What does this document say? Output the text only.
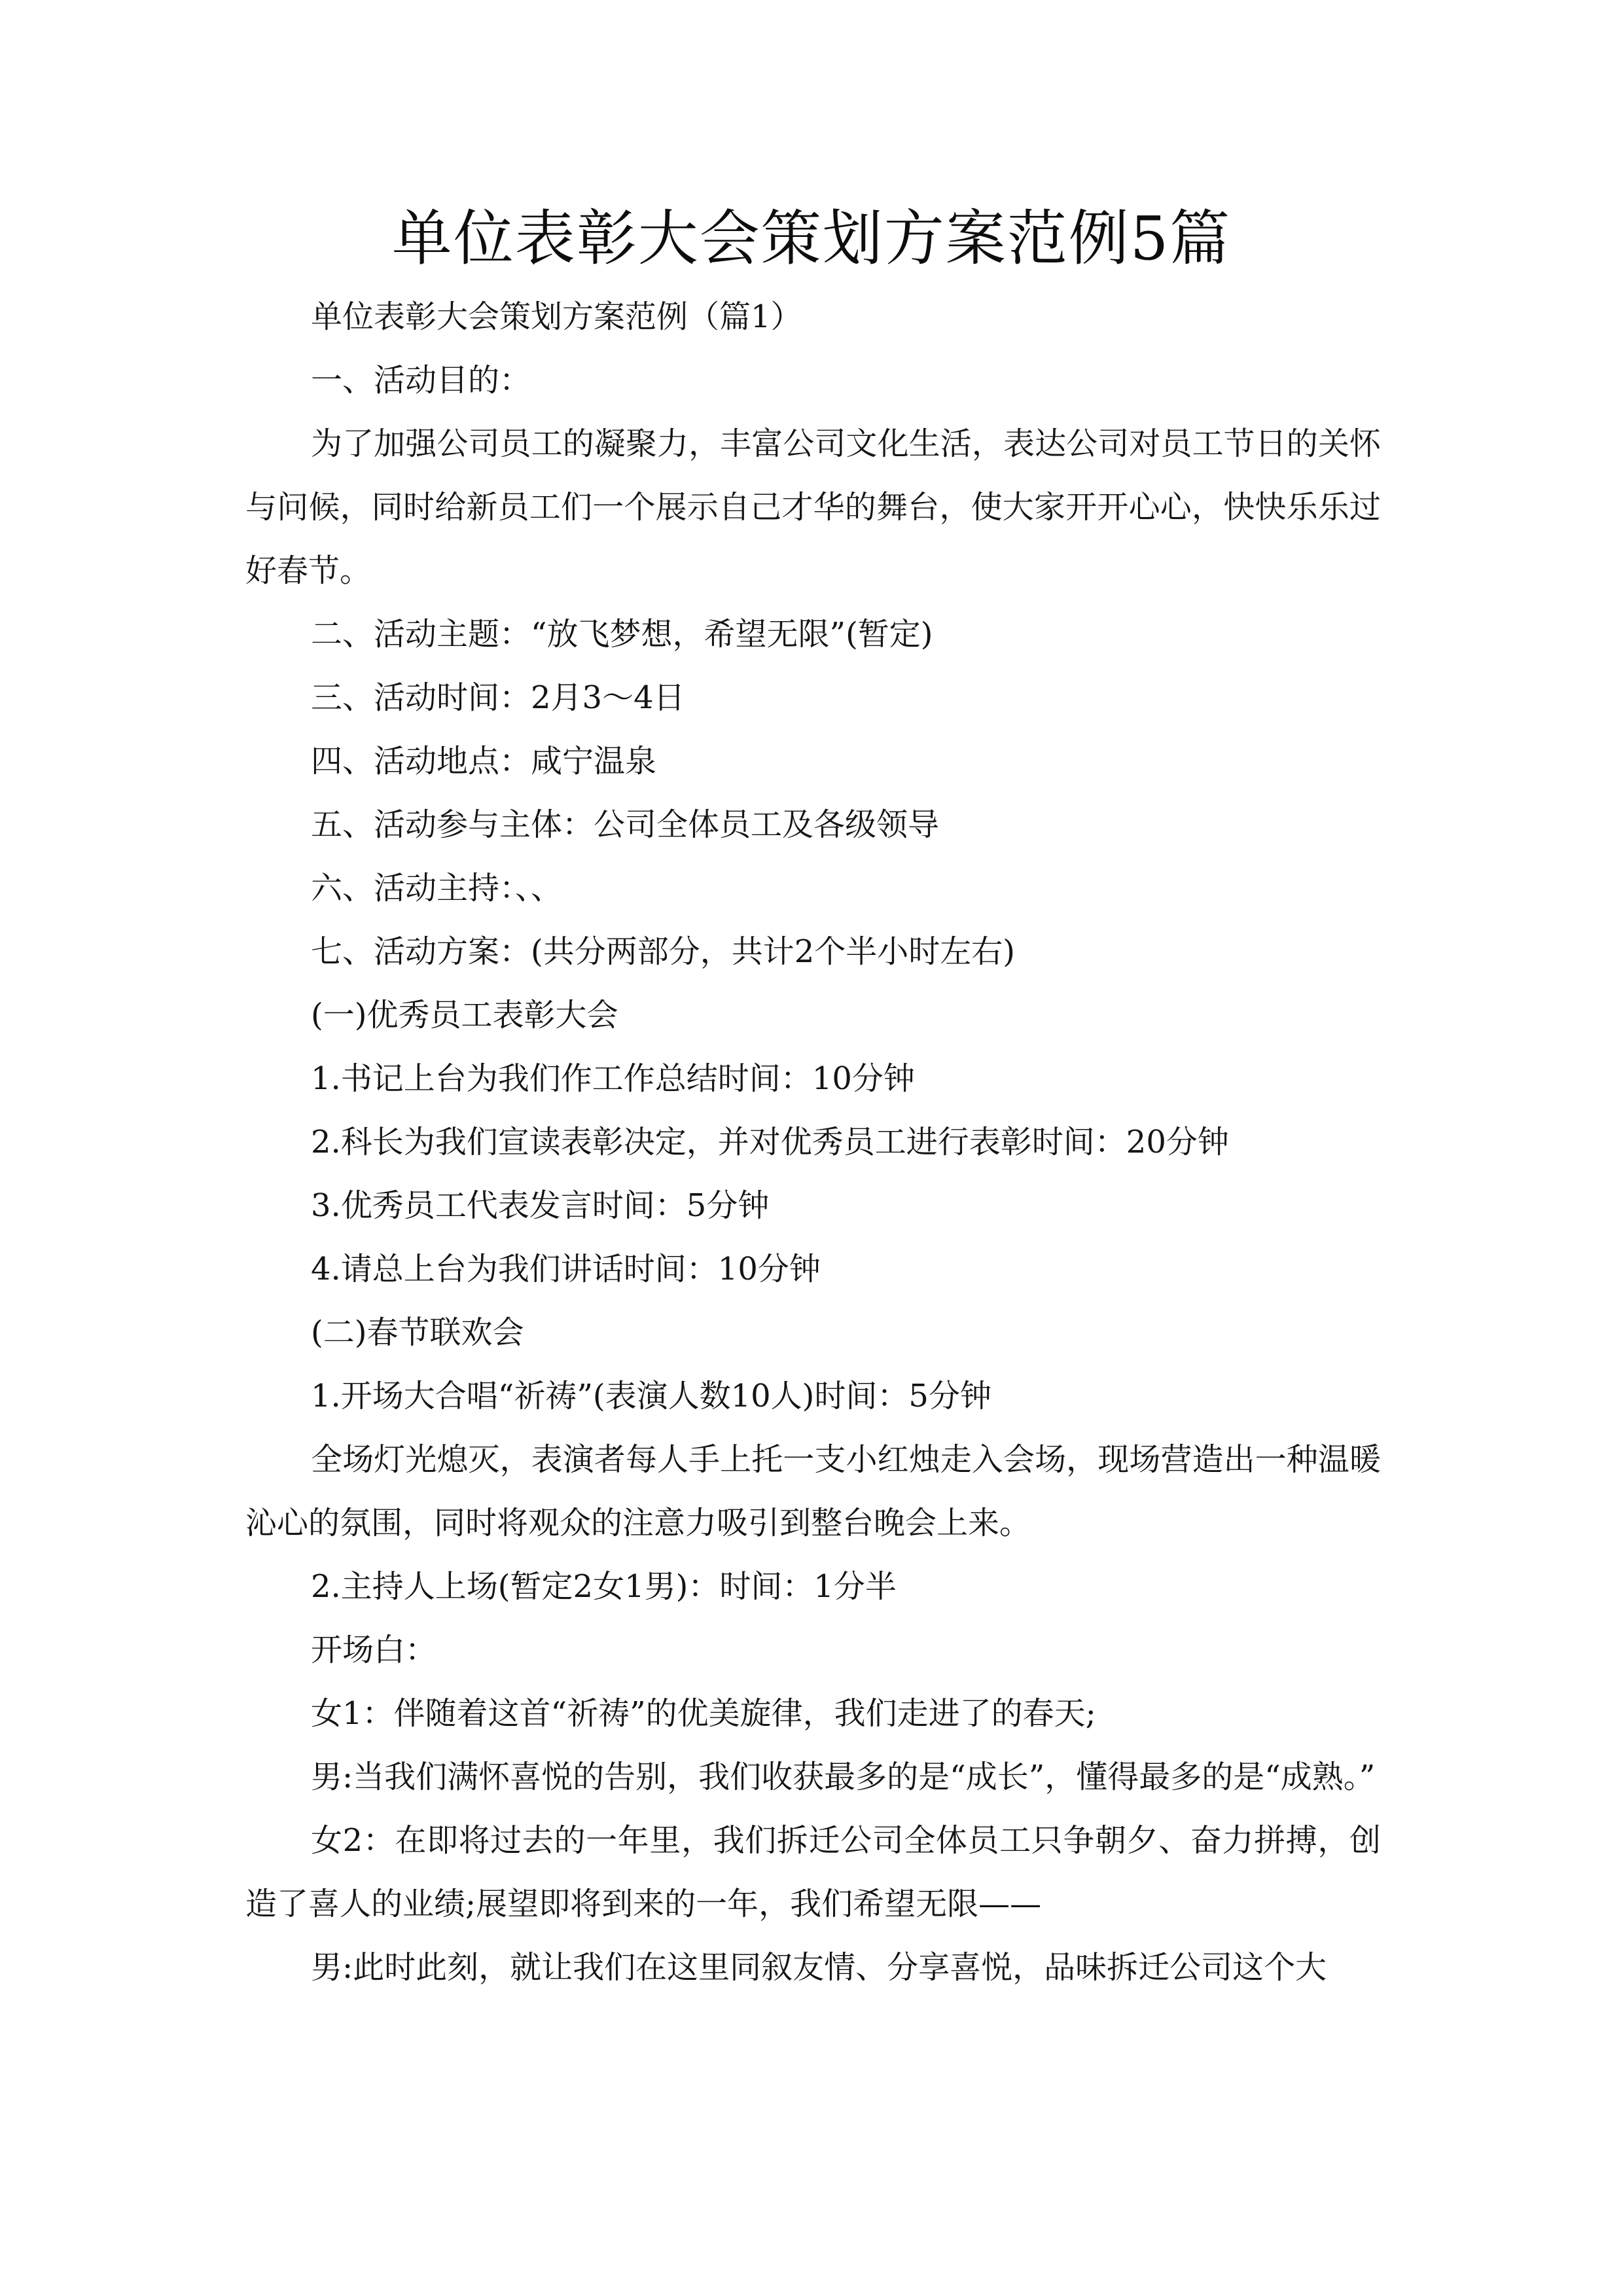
单位表彰大会策划方案范例5篇

单位表彰大会策划方案范例（篇1）

一、活动目的：

为了加强公司员工的凝聚力，丰富公司文化生活，表达公司对员工节日的关怀与问候，同时给新员工们一个展示自己才华的舞台，使大家开开心心，快快乐乐过好春节。

二、活动主题：“放飞梦想，希望无限”(暂定)

三、活动时间：2月3～4日

四、活动地点：咸宁温泉

五、活动参与主体：公司全体员工及各级领导

六、活动主持：、、

七、活动方案：(共分两部分，共计2个半小时左右)

(一)优秀员工表彰大会

1.书记上台为我们作工作总结时间：10分钟

2.科长为我们宣读表彰决定，并对优秀员工进行表彰时间：20分钟

3.优秀员工代表发言时间：5分钟

4.请总上台为我们讲话时间：10分钟

(二)春节联欢会

1.开场大合唱“祈祷”(表演人数10人)时间：5分钟

全场灯光熄灭，表演者每人手上托一支小红烛走入会场，现场营造出一种温暖沁心的氛围，同时将观众的注意力吸引到整台晚会上来。

2.主持人上场(暂定2女1男)：时间：1分半

开场白：

女1：伴随着这首“祈祷”的优美旋律，我们走进了的春天;

男:当我们满怀喜悦的告别，我们收获最多的是“成长”，懂得最多的是“成熟。”

女2：在即将过去的一年里，我们拆迁公司全体员工只争朝夕、奋力拼搏，创造了喜人的业绩;展望即将到来的一年，我们希望无限——

男:此时此刻，就让我们在这里同叙友情、分享喜悦，品味拆迁公司这个大
